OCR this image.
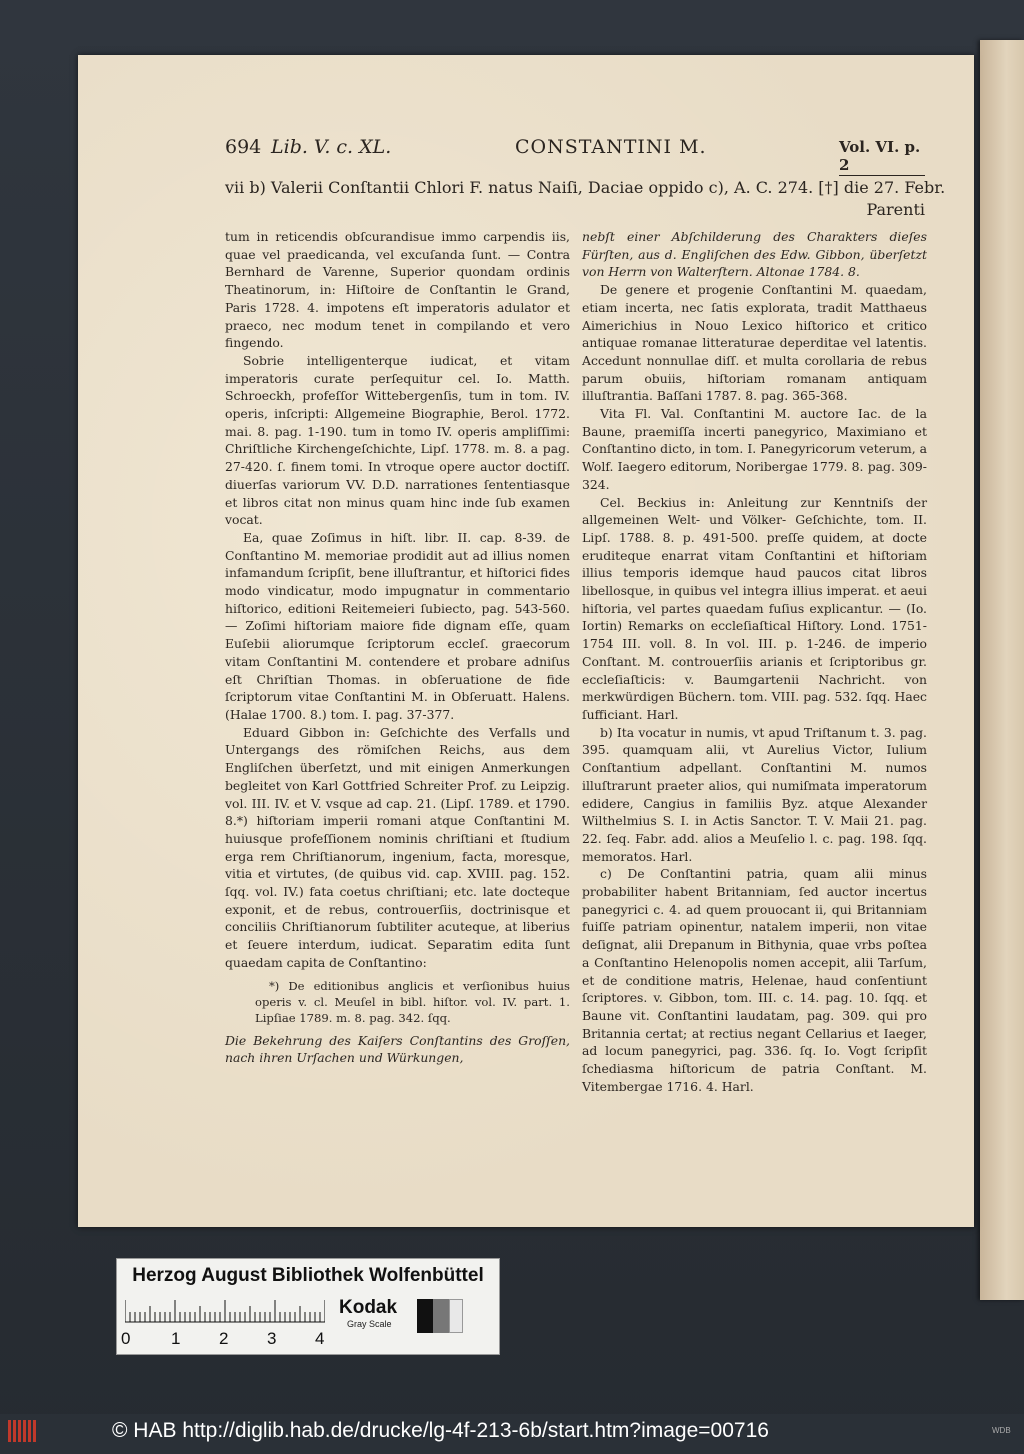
694 Lib. V. c. XL.	CONSTANTINI M.	Vol. VI. p. 2
vii b) Valerii Conſtantii Chlori F. natus Naiſi, Daciae oppido c), A. C. 274. [†] die 27. Febr.
Parenti

tum in reticendis obſcurandisue immo carpendis iis, quae vel praedicanda, vel excuſanda ſunt. — Contra Bernhard de Varenne, Superior quondam ordinis Theatinorum, in: Hiſtoire de Conſtantin le Grand, Paris 1728. 4. impotens eſt imperatoris adulator et praeco, nec modum tenet in compilando et vero fingendo.

Sobrie intelligenterque iudicat, et vitam imperatoris curate perſequitur cel. Io. Matth. Schroeckh, profeſſor Wittebergenſis, tum in tom. IV. operis, inſcripti: Allgemeine Biographie, Berol. 1772. mai. 8. pag. 1-190. tum in tomo IV. operis ampliſſimi: Chriſtliche Kirchengeſchichte, Lipſ. 1778. m. 8. a pag. 27-420. ſ. finem tomi. In vtroque opere auctor doctiſſ. diuerſas variorum VV. D.D. narrationes ſententiasque et libros citat non minus quam hinc inde ſub examen vocat.

Ea, quae Zoſimus in hiſt. libr. II. cap. 8-39. de Conſtantino M. memoriae prodidit aut ad illius nomen infamandum ſcripſit, bene illuſtrantur, et hiſtorici fides modo vindicatur, modo impugnatur in commentario hiſtorico, editioni Reitemeieri ſubiecto, pag. 543-560. — Zoſimi hiſtoriam maiore fide dignam eſſe, quam Euſebii aliorumque ſcriptorum eccleſ. graecorum vitam Conſtantini M. contendere et probare adniſus eſt Chriſtian Thomas. in obſeruatione de fide ſcriptorum vitae Conſtantini M. in Obſeruatt. Halens. (Halae 1700. 8.) tom. I. pag. 37-377.

Eduard Gibbon in: Geſchichte des Verfalls und Untergangs des römiſchen Reichs, aus dem Engliſchen überſetzt, und mit einigen Anmerkungen begleitet von Karl Gottfried Schreiter Prof. zu Leipzig. vol. III. IV. et V. vsque ad cap. 21. (Lipſ. 1789. et 1790. 8.*) hiſtoriam imperii romani atque Conſtantini M. huiusque profeſſionem nominis chriſtiani et ſtudium erga rem Chriſtianorum, ingenium, facta, moresque, vitia et virtutes, (de quibus vid. cap. XVIII. pag. 152. ſqq. vol. IV.) fata coetus chriſtiani; etc. late docteque exponit, et de rebus, controuerſiis, doctrinisque et conciliis Chriſtianorum ſubtiliter acuteque, at liberius et ſeuere interdum, iudicat. Separatim edita ſunt quaedam capita de Conſtantino:

*) De editionibus anglicis et verſionibus huius operis v. cl. Meuſel in bibl. hiſtor. vol. IV. part. 1. Lipſiae 1789. m. 8. pag. 342. ſqq.

Die Bekehrung des Kaiſers Conſtantins des Groſſen, nach ihren Urſachen und Würkungen,

nebſt einer Abſchilderung des Charakters dieſes Fürſten, aus d. Engliſchen des Edw. Gibbon, überſetzt von Herrn von Walterſtern. Altonae 1784. 8.

De genere et progenie Conſtantini M. quaedam, etiam incerta, nec ſatis explorata, tradit Matthaeus Aimerichius in Nouo Lexico hiſtorico et critico antiquae romanae litteraturae deperditae vel latentis. Accedunt nonnullae diſſ. et multa corollaria de rebus parum obuiis, hiſtoriam romanam antiquam illuſtrantia. Baſſani 1787. 8. pag. 365-368.

Vita Fl. Val. Conſtantini M. auctore Iac. de la Baune, praemiſſa incerti panegyrico, Maximiano et Conſtantino dicto, in tom. I. Panegyricorum veterum, a Wolf. Iaegero editorum, Noribergae 1779. 8. pag. 309-324.

Cel. Beckius in: Anleitung zur Kenntniſs der allgemeinen Welt- und Völker- Geſchichte, tom. II. Lipſ. 1788. 8. p. 491-500. preſſe quidem, at docte eruditeque enarrat vitam Conſtantini et hiſtoriam illius temporis idemque haud paucos citat libros libellosque, in quibus vel integra illius imperat. et aeui hiſtoria, vel partes quaedam fuſius explicantur. — (Io. Iortin) Remarks on eccleſiaſtical Hiſtory. Lond. 1751-1754 III. voll. 8. In vol. III. p. 1-246. de imperio Conſtant. M. controuerſiis arianis et ſcriptoribus gr. eccleſiaſticis: v. Baumgartenii Nachricht. von merkwürdigen Büchern. tom. VIII. pag. 532. ſqq. Haec ſufficiant. Harl.

b) Ita vocatur in numis, vt apud Triſtanum t. 3. pag. 395. quamquam alii, vt Aurelius Victor, Iulium Conſtantium adpellant. Conſtantini M. numos illuſtrarunt praeter alios, qui numiſmata imperatorum edidere, Cangius in familiis Byz. atque Alexander Wilthelmius S. I. in Actis Sanctor. T. V. Maii 21. pag. 22. ſeq. Fabr. add. alios a Meuſelio l. c. pag. 198. ſqq. memoratos. Harl.

c) De Conſtantini patria, quam alii minus probabiliter habent Britanniam, ſed auctor incertus panegyrici c. 4. ad quem prouocant ii, qui Britanniam fuiſſe patriam opinentur, natalem imperii, non vitae deſignat, alii Drepanum in Bithynia, quae vrbs poſtea a Conſtantino Helenopolis nomen accepit, alii Tarſum, et de conditione matris, Helenae, haud conſentiunt ſcriptores. v. Gibbon, tom. III. c. 14. pag. 10. ſqq. et Baune vit. Conſtantini laudatam, pag. 309. qui pro Britannia certat; at rectius negant Cellarius et Iaeger, ad locum panegyrici, pag. 336. ſq. Io. Vogt ſcripſit ſchediasma hiſtoricum de patria Conſtant. M. Vitembergae 1716. 4. Harl.

Herzog August Bibliothek Wolfenbüttel
0 1 2 3 4
Kodak
Gray Scale
© HAB http://diglib.hab.de/drucke/lg-4f-213-6b/start.htm?image=00716	WDB
